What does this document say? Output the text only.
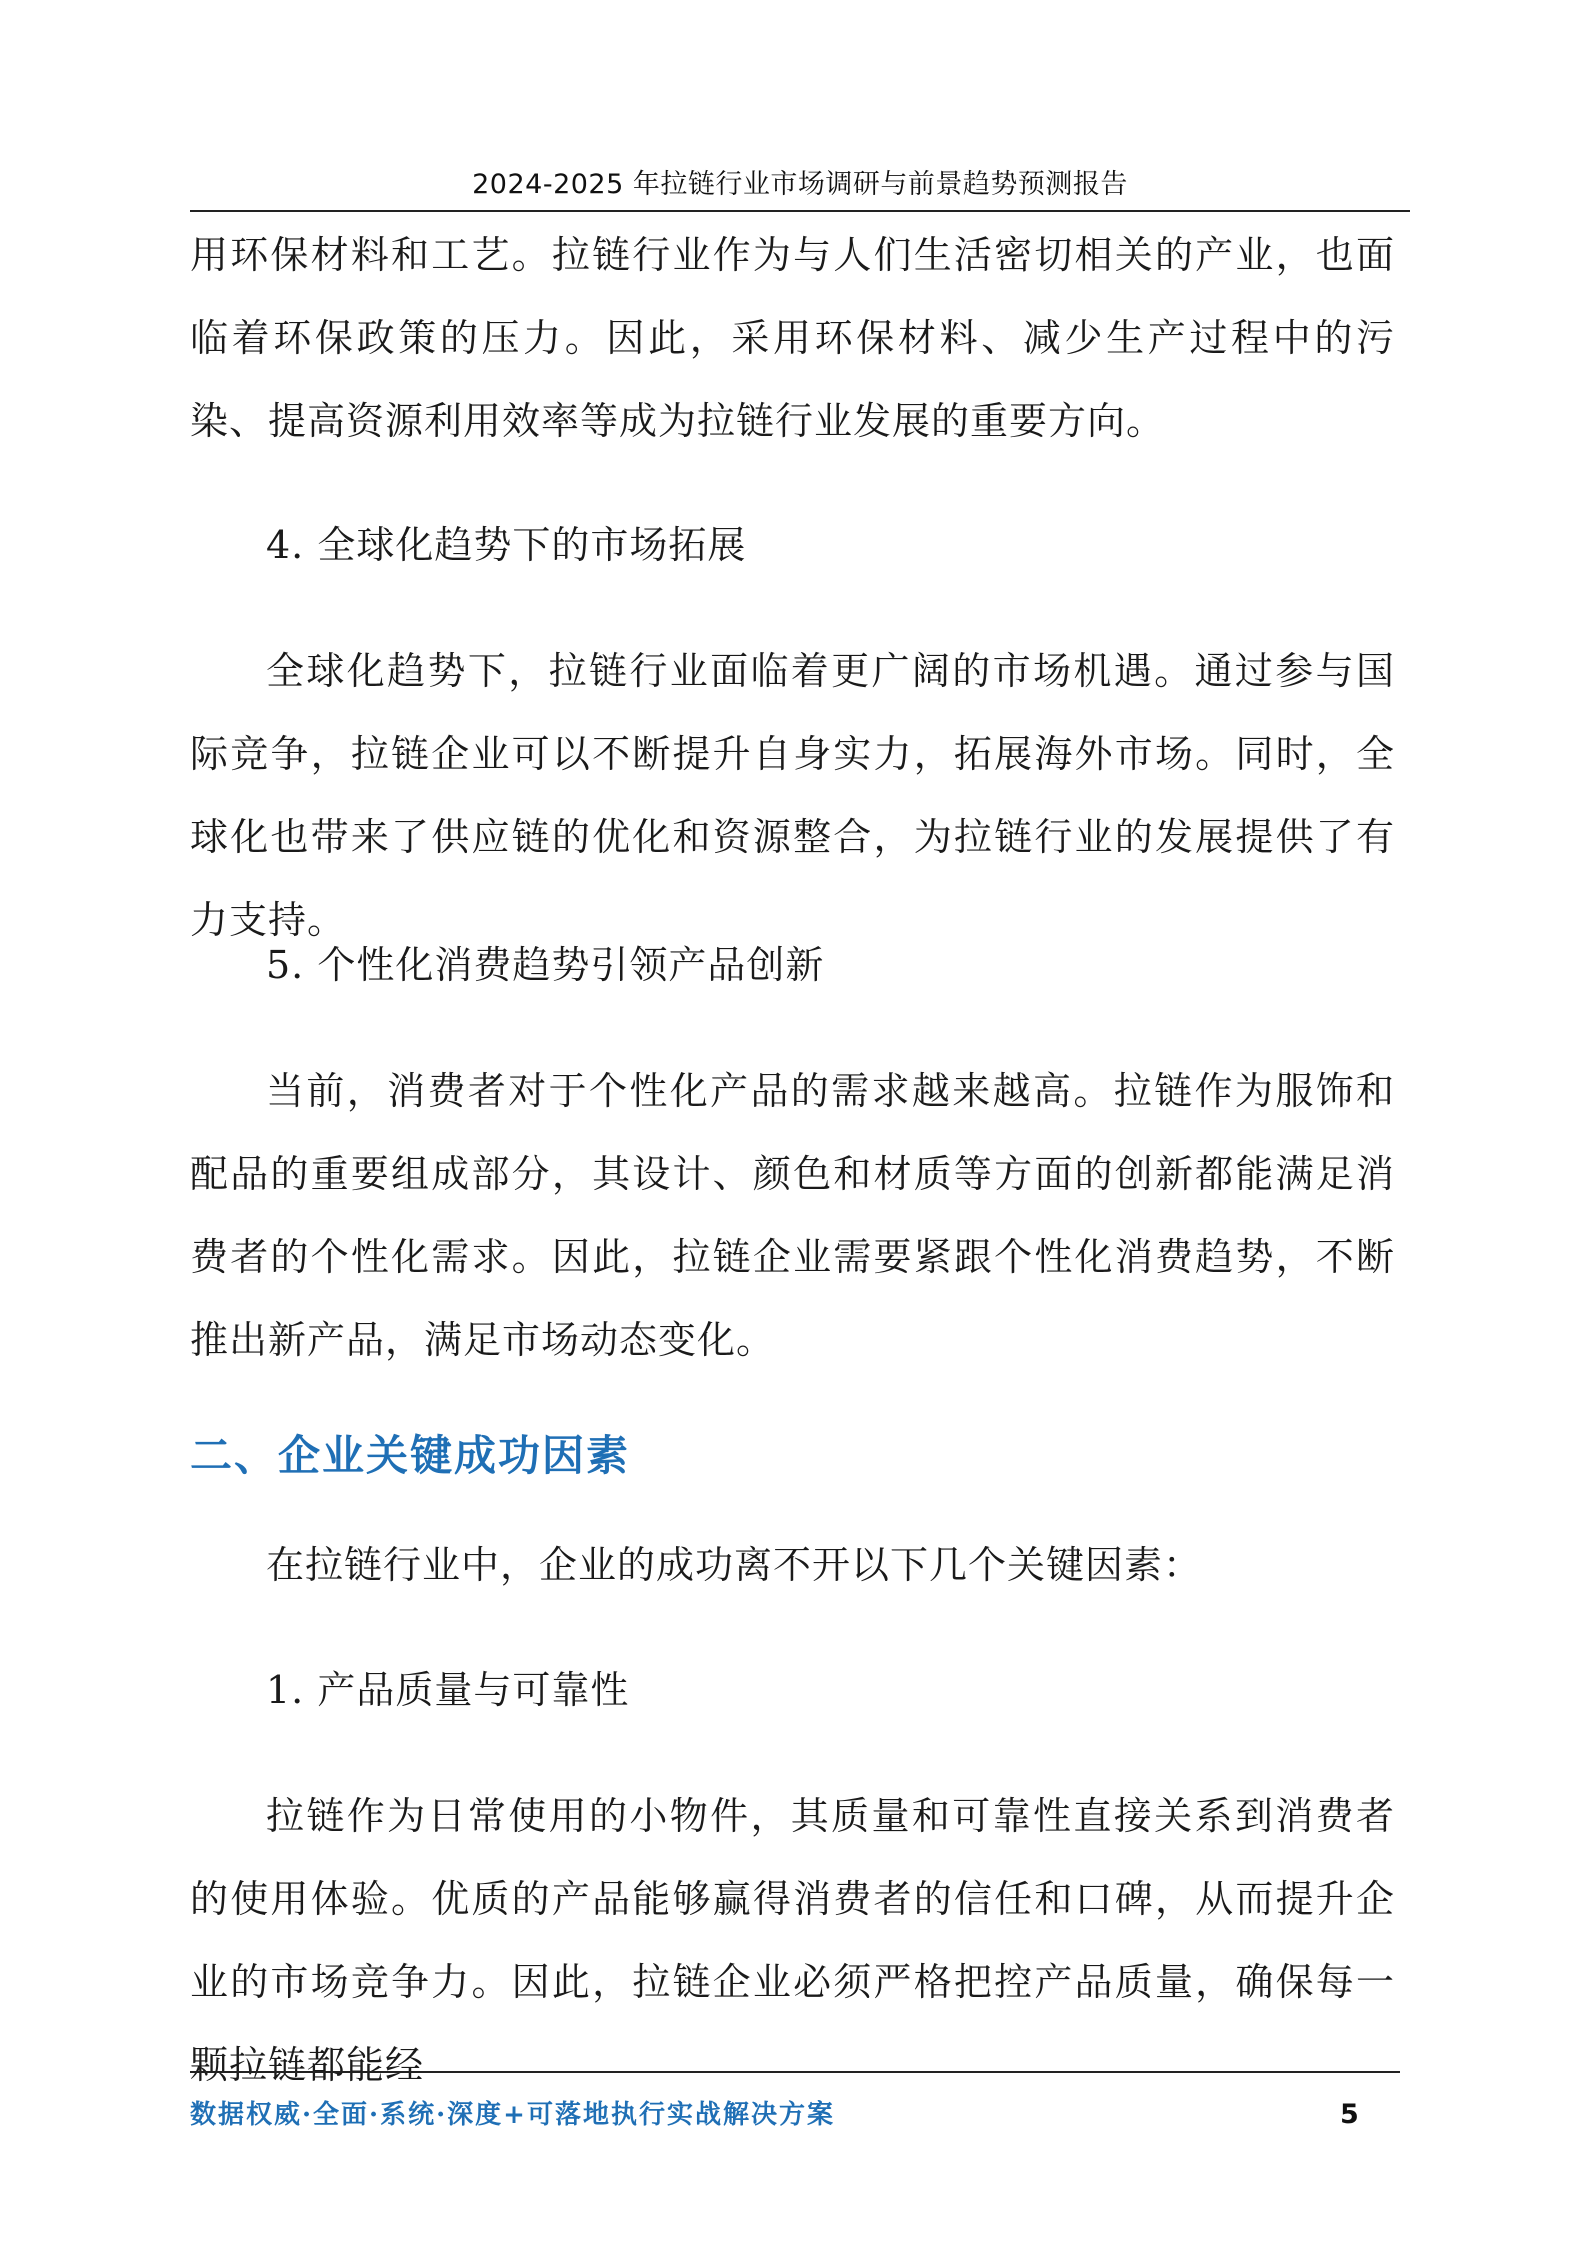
2024-2025 年拉链行业市场调研与前景趋势预测报告

用环保材料和工艺。拉链行业作为与人们生活密切相关的产业，也面临着环保政策的压力。因此，采用环保材料、减少生产过程中的污染、提高资源利用效率等成为拉链行业发展的重要方向。

4. 全球化趋势下的市场拓展

全球化趋势下，拉链行业面临着更广阔的市场机遇。通过参与国际竞争，拉链企业可以不断提升自身实力，拓展海外市场。同时，全球化也带来了供应链的优化和资源整合，为拉链行业的发展提供了有力支持。

5. 个性化消费趋势引领产品创新

当前，消费者对于个性化产品的需求越来越高。拉链作为服饰和配品的重要组成部分，其设计、颜色和材质等方面的创新都能满足消费者的个性化需求。因此，拉链企业需要紧跟个性化消费趋势，不断推出新产品，满足市场动态变化。

二、企业关键成功因素

在拉链行业中，企业的成功离不开以下几个关键因素：

1. 产品质量与可靠性

拉链作为日常使用的小物件，其质量和可靠性直接关系到消费者的使用体验。优质的产品能够赢得消费者的信任和口碑，从而提升企业的市场竞争力。因此，拉链企业必须严格把控产品质量，确保每一颗拉链都能经

数据权威·全面·系统·深度+可落地执行实战解决方案	5
